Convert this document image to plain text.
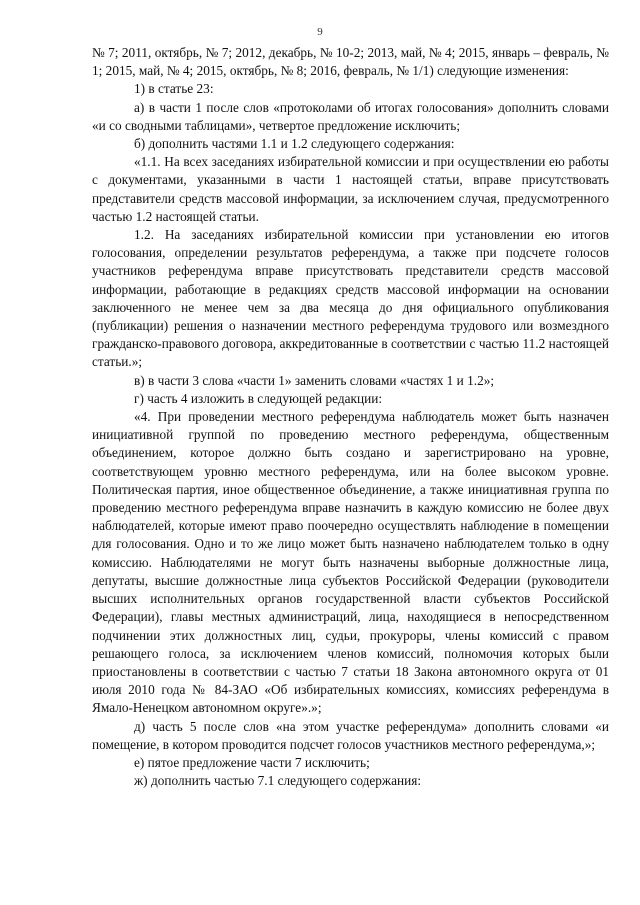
9

№ 7; 2011, октябрь, № 7; 2012, декабрь, № 10-2; 2013, май, № 4; 2015, январь – февраль, № 1; 2015, май, № 4; 2015, октябрь, № 8; 2016, февраль, № 1/1) следующие изменения:

1) в статье 23:

а) в части 1 после слов «протоколами об итогах голосования» дополнить словами «и со сводными таблицами», четвертое предложение исключить;

б) дополнить частями 1.1 и 1.2 следующего содержания:

«1.1. На всех заседаниях избирательной комиссии и при осуществлении ею работы с документами, указанными в части 1 настоящей статьи, вправе присутствовать представители средств массовой информации, за исключением случая, предусмотренного частью 1.2 настоящей статьи.

1.2. На заседаниях избирательной комиссии при установлении ею итогов голосования, определении результатов референдума, а также при подсчете голосов участников референдума вправе присутствовать представители средств массовой информации, работающие в редакциях средств массовой информации на основании заключенного не менее чем за два месяца до дня официального опубликования (публикации) решения о назначении местного референдума трудового или возмездного гражданско-правового договора, аккредитованные в соответствии с частью 11.2 настоящей статьи.»;

в) в части 3 слова «части 1» заменить словами «частях 1 и 1.2»;

г) часть 4 изложить в следующей редакции:

«4. При проведении местного референдума наблюдатель может быть назначен инициативной группой по проведению местного референдума, общественным объединением, которое должно быть создано и зарегистрировано на уровне, соответствующем уровню местного референдума, или на более высоком уровне. Политическая партия, иное общественное объединение, а также инициативная группа по проведению местного референдума вправе назначить в каждую комиссию не более двух наблюдателей, которые имеют право поочередно осуществлять наблюдение в помещении для голосования. Одно и то же лицо может быть назначено наблюдателем только в одну комиссию. Наблюдателями не могут быть назначены выборные должностные лица, депутаты, высшие должностные лица субъектов Российской Федерации (руководители высших исполнительных органов государственной власти субъектов Российской Федерации), главы местных администраций, лица, находящиеся в непосредственном подчинении этих должностных лиц, судьи, прокуроры, члены комиссий с правом решающего голоса, за исключением членов комиссий, полномочия которых были приостановлены в соответствии с частью 7 статьи 18 Закона автономного округа от 01 июля 2010 года № 84-ЗАО «Об избирательных комиссиях, комиссиях референдума в Ямало-Ненецком автономном округе».»;

д) часть 5 после слов «на этом участке референдума» дополнить словами «и помещение, в котором проводится подсчет голосов участников местного референдума,»;

е) пятое предложение части 7 исключить;

ж) дополнить частью 7.1 следующего содержания:
